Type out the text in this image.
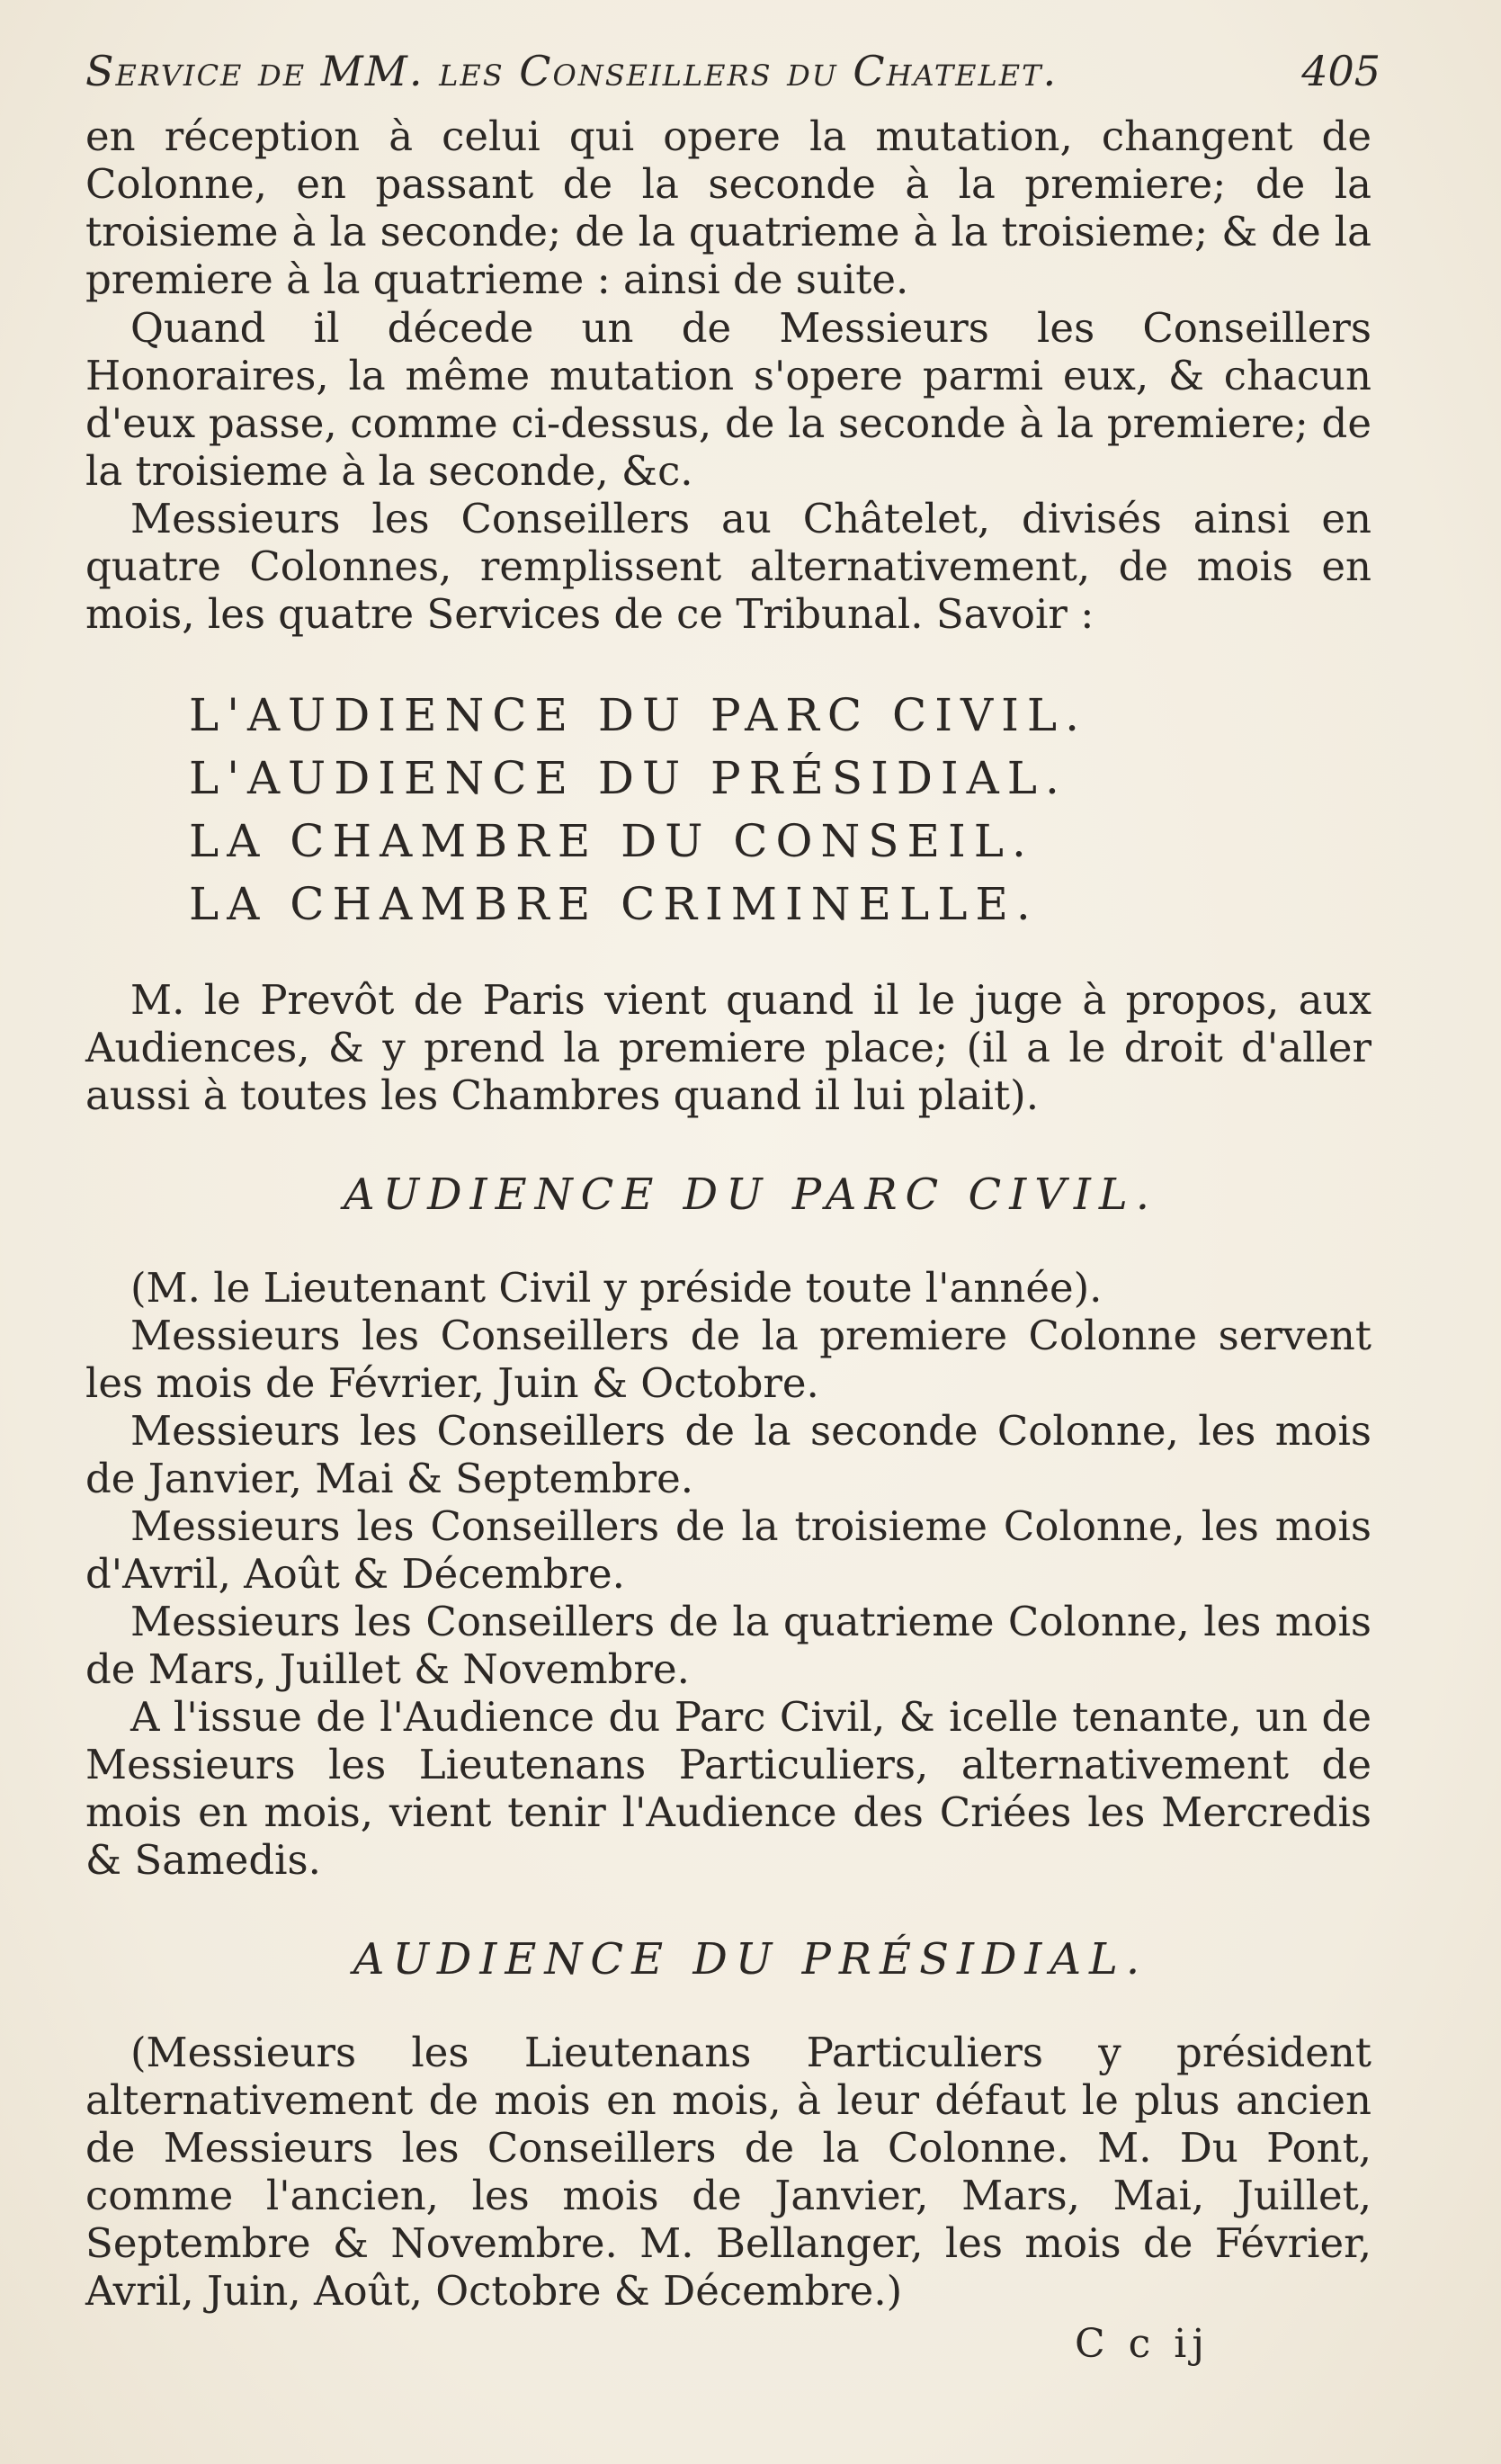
Service de MM. les Conseillers du Chatelet.	405

en réception à celui qui opere la mutation, changent de Colonne, en passant de la seconde à la premiere; de la troisieme à la seconde; de la quatrieme à la troisieme; & de la premiere à la quatrieme : ainsi de suite.

Quand il décede un de Messieurs les Conseillers Honoraires, la même mutation s'opere parmi eux, & chacun d'eux passe, comme ci-dessus, de la seconde à la premiere; de la troisieme à la seconde, &c.

Messieurs les Conseillers au Châtelet, divisés ainsi en quatre Colonnes, remplissent alternativement, de mois en mois, les quatre Services de ce Tribunal. Savoir :

L'AUDIENCE DU PARC CIVIL.
L'AUDIENCE DU PRÉSIDIAL.
LA CHAMBRE DU CONSEIL.
LA CHAMBRE CRIMINELLE.

M. le Prevôt de Paris vient quand il le juge à propos, aux Audiences, & y prend la premiere place; (il a le droit d'aller aussi à toutes les Chambres quand il lui plait).

AUDIENCE DU PARC CIVIL.

(M. le Lieutenant Civil y préside toute l'année).

Messieurs les Conseillers de la premiere Colonne servent les mois de Février, Juin & Octobre.

Messieurs les Conseillers de la seconde Colonne, les mois de Janvier, Mai & Septembre.

Messieurs les Conseillers de la troisieme Colonne, les mois d'Avril, Août & Décembre.

Messieurs les Conseillers de la quatrieme Colonne, les mois de Mars, Juillet & Novembre.

A l'issue de l'Audience du Parc Civil, & icelle tenante, un de Messieurs les Lieutenans Particuliers, alternativement de mois en mois, vient tenir l'Audience des Criées les Mercredis & Samedis.

AUDIENCE DU PRÉSIDIAL.

(Messieurs les Lieutenans Particuliers y président alternativement de mois en mois, à leur défaut le plus ancien de Messieurs les Conseillers de la Colonne. M. Du Pont, comme l'ancien, les mois de Janvier, Mars, Mai, Juillet, Septembre & Novembre. M. Bellanger, les mois de Février, Avril, Juin, Août, Octobre & Décembre.)

C c ij
